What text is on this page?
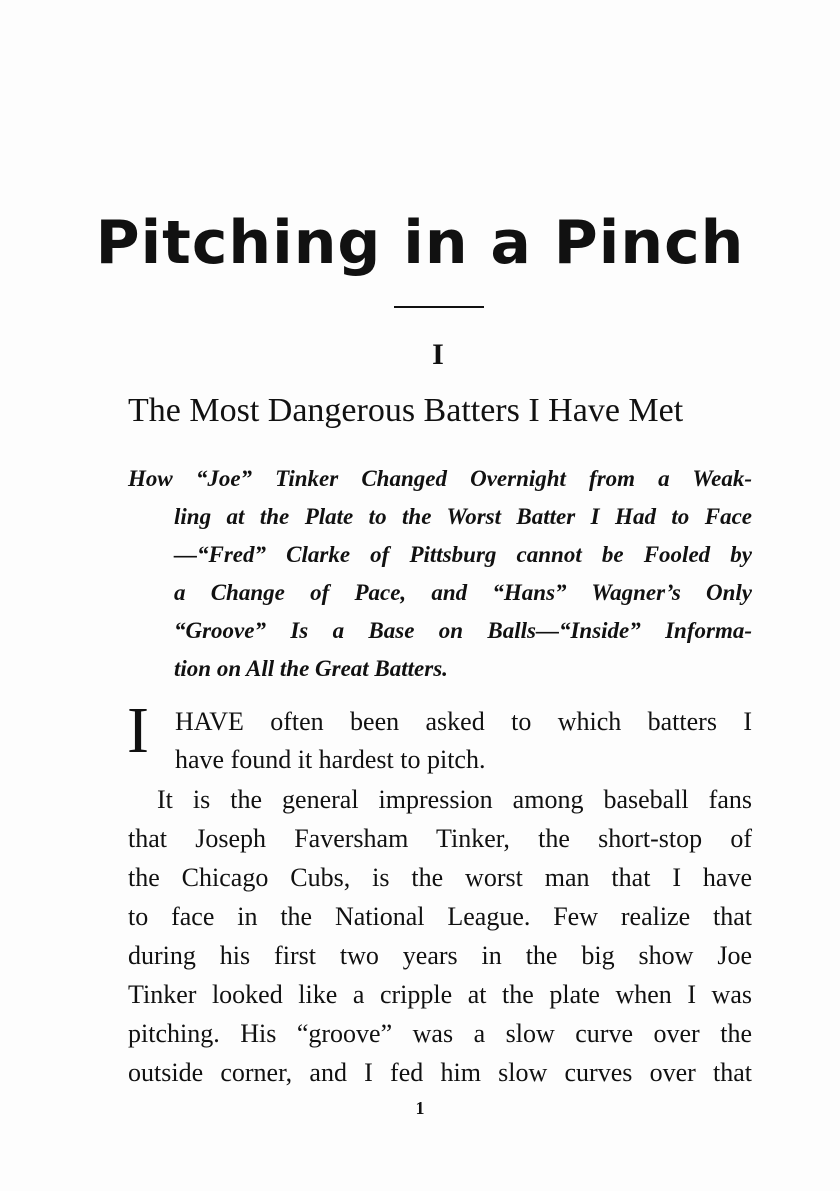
Pitching in a Pinch
I
The Most Dangerous Batters I Have Met
How “Joe” Tinker Changed Overnight from a Weak-
ling at the Plate to the Worst Batter I Had to Face
—“Fred” Clarke of Pittsburg cannot be Fooled by
a Change of Pace, and “Hans” Wagner’s Only
“Groove” Is a Base on Balls—“Inside” Informa-
tion on All the Great Batters.
I HAVE often been asked to which batters I
have found it hardest to pitch.
It is the general impression among baseball fans
that Joseph Faversham Tinker, the short-stop of
the Chicago Cubs, is the worst man that I have
to face in the National League. Few realize that
during his first two years in the big show Joe
Tinker looked like a cripple at the plate when I was
pitching. His “groove” was a slow curve over the
outside corner, and I fed him slow curves over that
1
